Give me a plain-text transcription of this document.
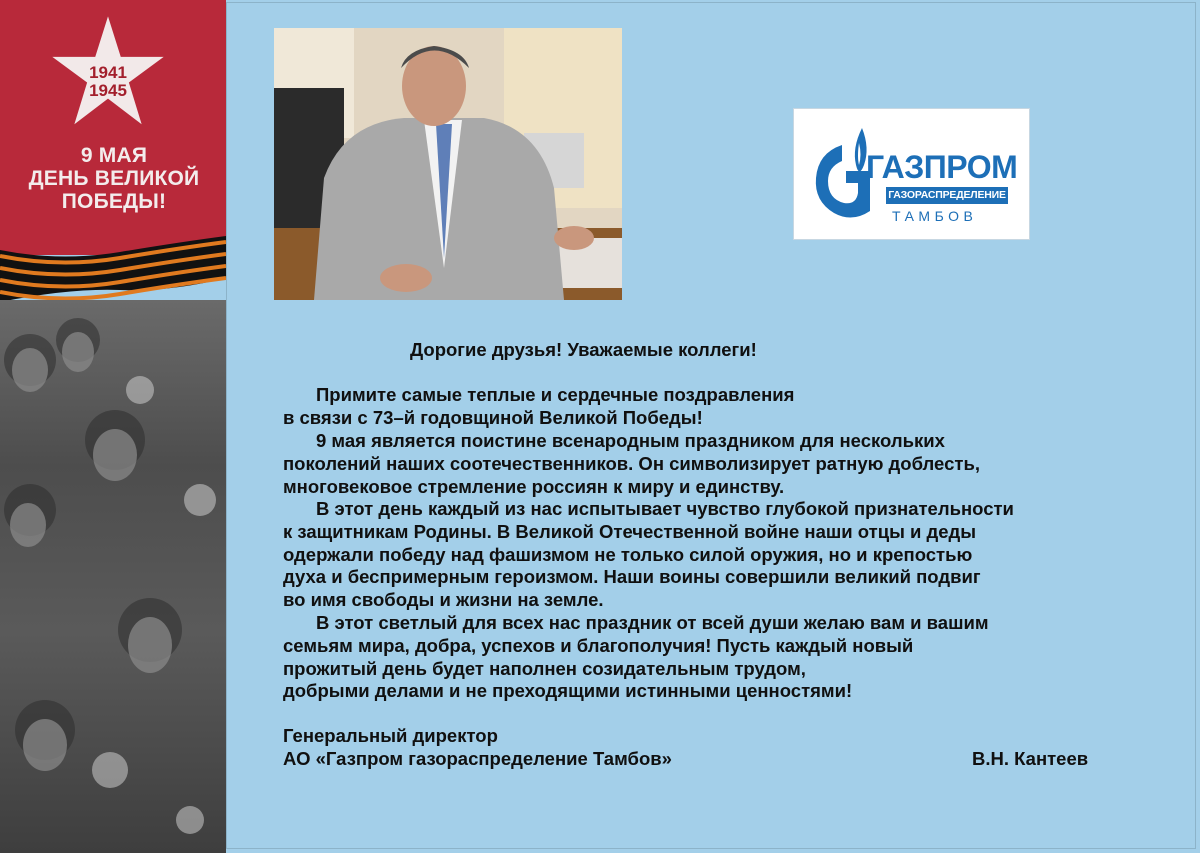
1941
1945
9 МАЯ
ДЕНЬ ВЕЛИКОЙ
ПОБЕДЫ!
ГАЗПРОМ
ГАЗОРАСПРЕДЕЛЕНИЕ
ТАМБОВ
Дорогие друзья! Уважаемые коллеги!
Примите самые теплые и сердечные поздравления
в связи с 73–й годовщиной Великой Победы!
9 мая является поистине всенародным праздником для нескольких
поколений наших соотечественников. Он символизирует ратную доблесть,
многовековое стремление россиян к миру и единству.
В этот день каждый из нас испытывает чувство глубокой признательности
к защитникам Родины. В Великой Отечественной войне наши отцы и деды
одержали победу над фашизмом не только силой оружия, но и крепостью
духа и беспримерным героизмом. Наши воины совершили великий подвиг
во имя свободы и жизни на земле.
В этот светлый для всех нас праздник от всей души желаю вам и вашим
семьям мира, добра, успехов и благополучия! Пусть каждый новый
прожитый день будет наполнен созидательным трудом,
добрыми делами и не преходящими истинными ценностями!
Генеральный директор
АО «Газпром газораспределение Тамбов»	В.Н. Кантеев
